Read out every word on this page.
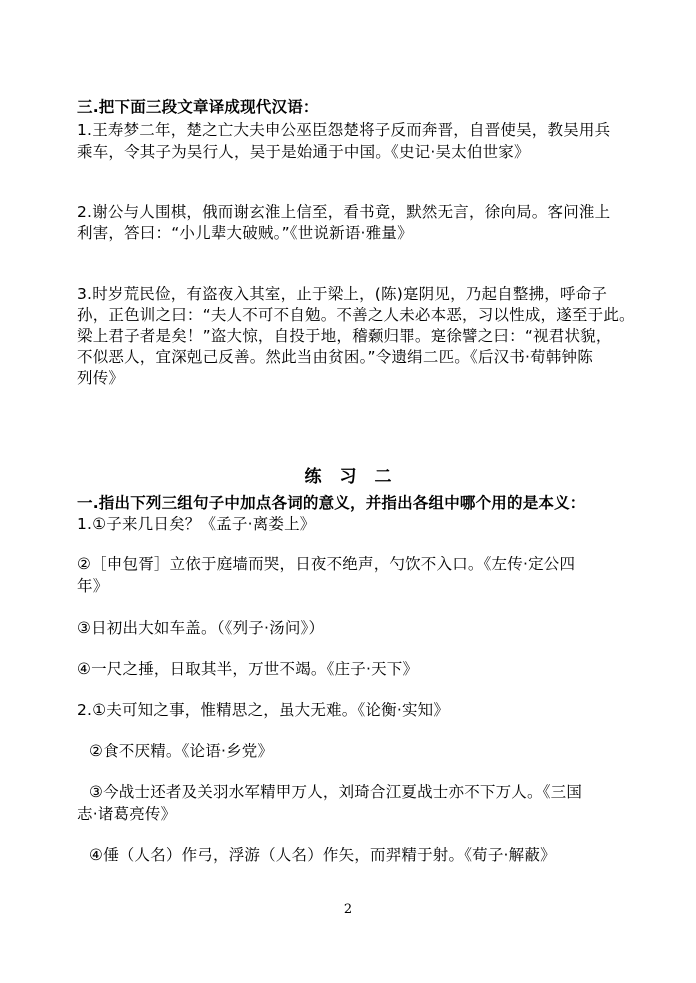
三.把下面三段文章译成现代汉语：
1.王寿梦二年，楚之亡大夫申公巫臣怨楚将子反而奔晋，自晋使吴，教吴用兵
乘车，令其子为吴行人，吴于是始通于中国。《史记·吴太伯世家》
2.谢公与人围棋，俄而谢玄淮上信至，看书竟，默然无言，徐向局。客问淮上
利害，答曰：“小儿辈大破贼。”《世说新语·雅量》
3.时岁荒民俭，有盗夜入其室，止于梁上，(陈)寔阴见，乃起自整拂，呼命子
孙，正色训之曰：“夫人不可不自勉。不善之人未必本恶，习以性成，遂至于此。
梁上君子者是矣！”盗大惊，自投于地，稽颡归罪。寔徐譬之曰：“视君状貌，
不似恶人，宜深剋己反善。然此当由贫困。”令遗绢二匹。《后汉书·荀韩钟陈
列传》
练习二
一.指出下列三组句子中加点各词的意义，并指出各组中哪个用的是本义：
1.①子来几日矣？《孟子·离娄上》
②［申包胥］立依于庭墙而哭，日夜不绝声，勺饮不入口。《左传·定公四
年》
③日初出大如车盖。（《列子·汤问》）
④一尺之捶，日取其半，万世不竭。《庄子·天下》
2.①夫可知之事，惟精思之，虽大无难。《论衡·实知》
②食不厌精。《论语·乡党》
③今战士还者及关羽水军精甲万人，刘琦合江夏战士亦不下万人。《三国
志·诸葛亮传》
④倕（人名）作弓，浮游（人名）作矢，而羿精于射。《荀子·解蔽》
2
